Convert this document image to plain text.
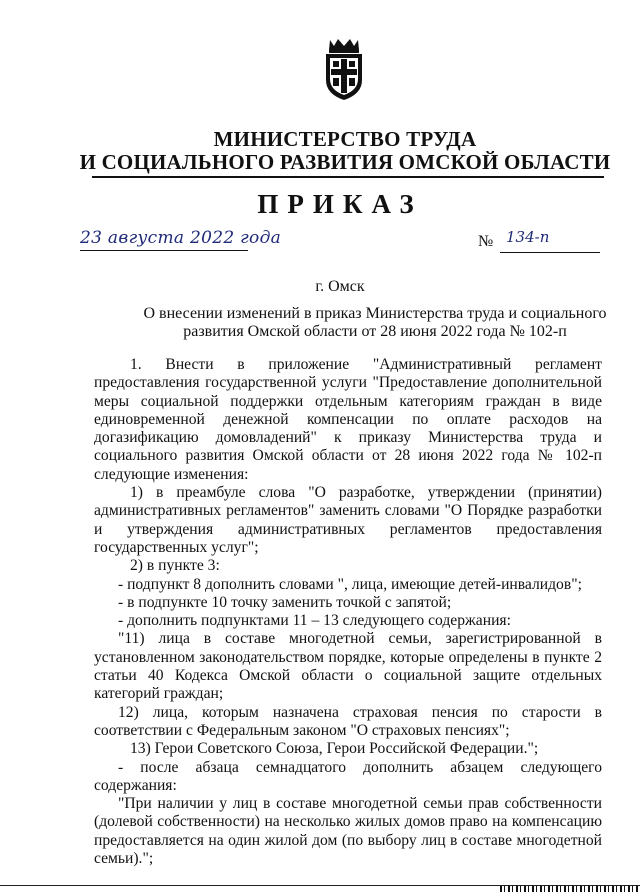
МИНИСТЕРСТВО ТРУДА
И СОЦИАЛЬНОГО РАЗВИТИЯ ОМСКОЙ ОБЛАСТИ
ПРИКАЗ
23 августа 2022 года	№ 134-п
г. Омск
О внесении изменений в приказ Министерства труда и социального
развития Омской области от 28 июня 2022 года № 102-п

1. Внести в приложение "Административный регламент предоставления государственной услуги "Предоставление дополнительной меры социальной поддержки отдельным категориям граждан в виде единовременной денежной компенсации по оплате расходов на догазификацию домовладений" к приказу Министерства труда и социального развития Омской области от 28 июня 2022 года № 102-п следующие изменения:

1) в преамбуле слова "О разработке, утверждении (принятии) административных регламентов" заменить словами "О Порядке разработки и утверждения административных регламентов предоставления государственных услуг";

2) в пункте 3:

- подпункт 8 дополнить словами ", лица, имеющие детей-инвалидов";

- в подпункте 10 точку заменить точкой с запятой;

- дополнить подпунктами 11 – 13 следующего содержания:

"11) лица в составе многодетной семьи, зарегистрированной в установленном законодательством порядке, которые определены в пункте 2 статьи 40 Кодекса Омской области о социальной защите отдельных категорий граждан;

12) лица, которым назначена страховая пенсия по старости в соответствии с Федеральным законом "О страховых пенсиях";

13) Герои Советского Союза, Герои Российской Федерации.";

- после абзаца семнадцатого дополнить абзацем следующего содержания:

"При наличии у лиц в составе многодетной семьи прав собственности (долевой собственности) на несколько жилых домов право на компенсацию предоставляется на один жилой дом (по выбору лиц в составе многодетной семьи).";
